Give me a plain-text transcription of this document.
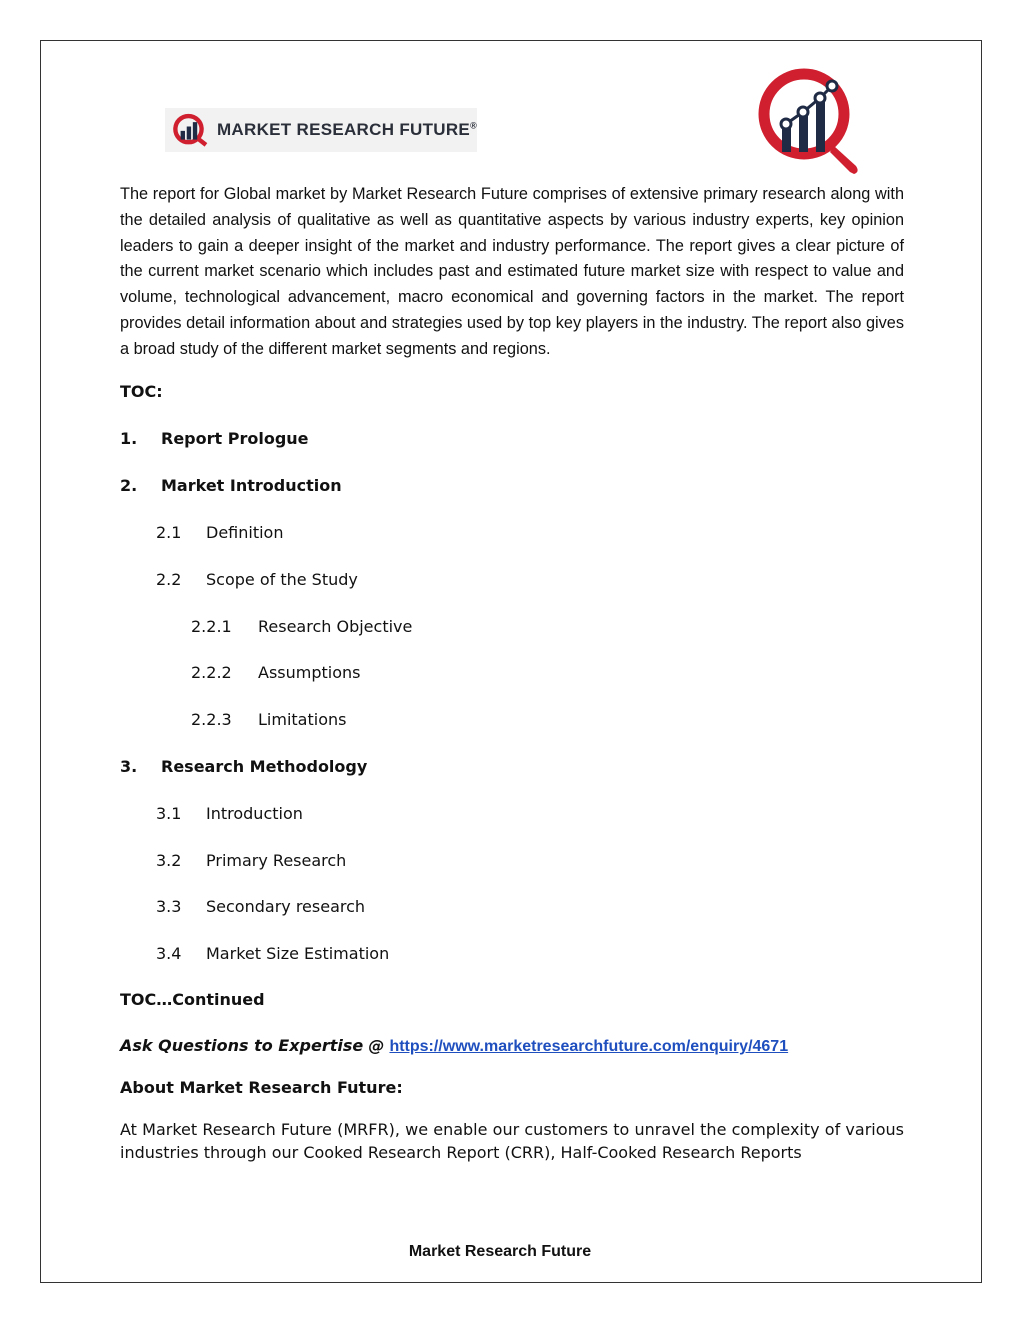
MARKET RESEARCH FUTURE®

The report for Global market by Market Research Future comprises of extensive primary research along with the detailed analysis of qualitative as well as quantitative aspects by various industry experts, key opinion leaders to gain a deeper insight of the market and industry performance. The report gives a clear picture of the current market scenario which includes past and estimated future market size with respect to value and volume, technological advancement, macro economical and governing factors in the market. The report provides detail information about and strategies used by top key players in the industry. The report also gives a broad study of the different market segments and regions.

TOC:
1. Report Prologue
2. Market Introduction
2.1 Definition
2.2 Scope of the Study
2.2.1 Research Objective
2.2.2 Assumptions
2.2.3 Limitations
3. Research Methodology
3.1 Introduction
3.2 Primary Research
3.3 Secondary research
3.4 Market Size Estimation
TOC…Continued
Ask Questions to Expertise @ https://www.marketresearchfuture.com/enquiry/4671
About Market Research Future:

At Market Research Future (MRFR), we enable our customers to unravel the complexity of various industries through our Cooked Research Report (CRR), Half-Cooked Research Reports

Market Research Future
